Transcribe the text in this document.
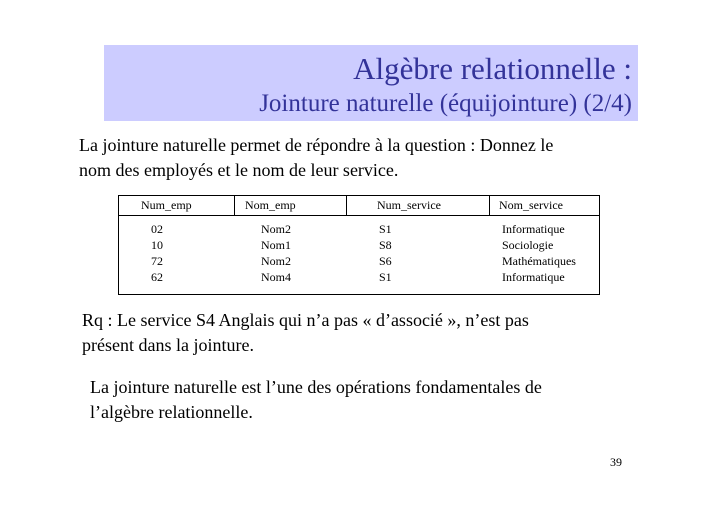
Algèbre relationnelle :
Jointure naturelle (équijointure) (2/4)
La jointure naturelle permet de répondre à la question : Donnez le
nom des employés et le nom de leur service.
Num_emp	Nom_emp	Num_service	Nom_service
02	Nom2	S1	Informatique
10	Nom1	S8	Sociologie
72	Nom2	S6	Mathématiques
62	Nom4	S1	Informatique
Rq : Le service S4 Anglais qui n’a pas « d’associé », n’est pas
présent dans la jointure.
La jointure naturelle est l’une des opérations fondamentales de
l’algèbre relationnelle.
39
